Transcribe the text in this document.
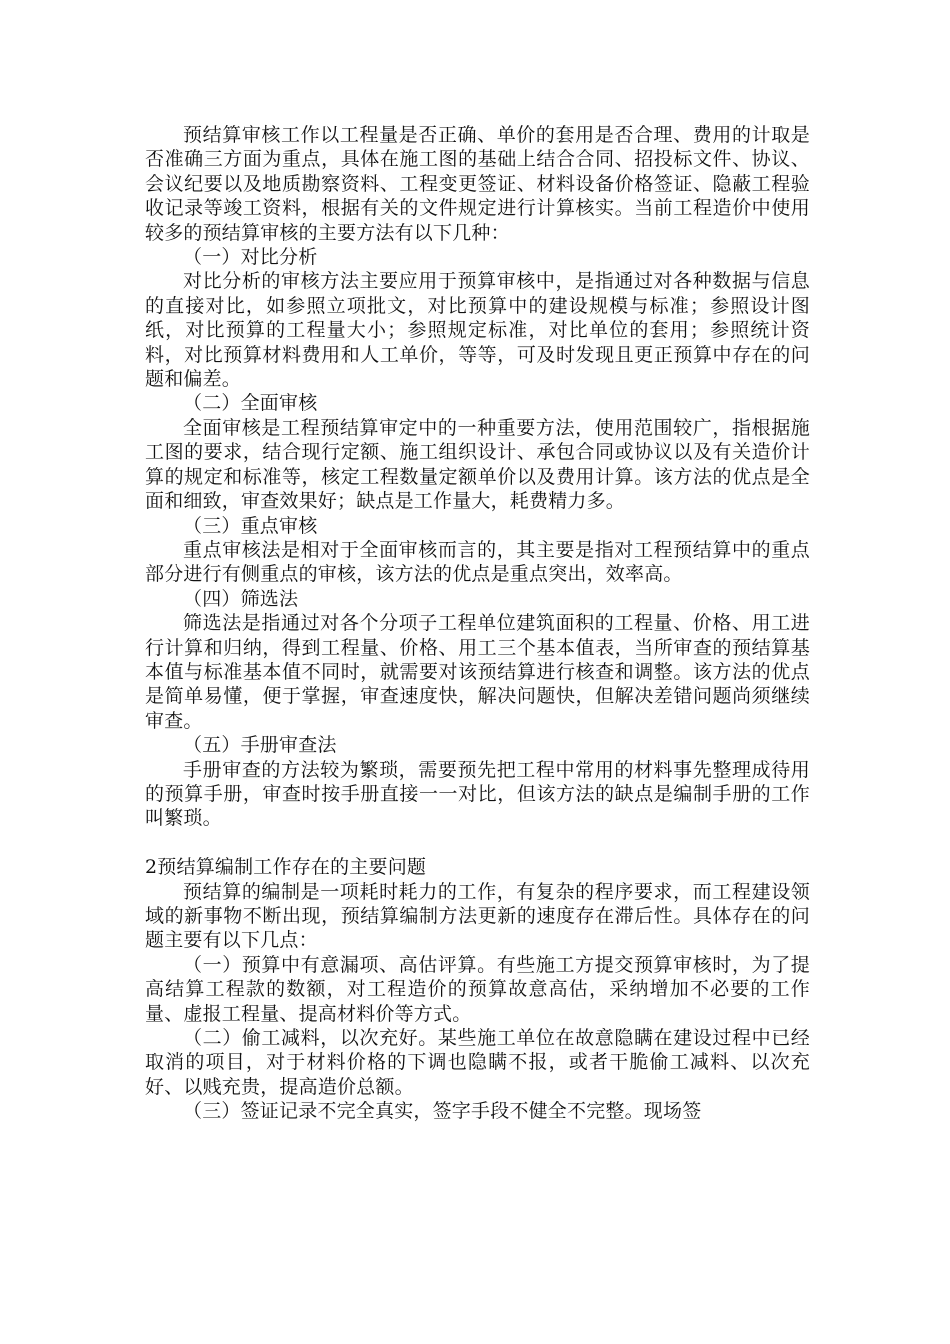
预结算审核工作以工程量是否正确、单价的套用是否合理、费用的计取是否准确三方面为重点，具体在施工图的基础上结合合同、招投标文件、协议、会议纪要以及地质勘察资料、工程变更签证、材料设备价格签证、隐蔽工程验收记录等竣工资料，根据有关的文件规定进行计算核实。当前工程造价中使用较多的预结算审核的主要方法有以下几种：

（一）对比分析

对比分析的审核方法主要应用于预算审核中，是指通过对各种数据与信息的直接对比，如参照立项批文，对比预算中的建设规模与标准；参照设计图纸，对比预算的工程量大小；参照规定标准，对比单位的套用；参照统计资料，对比预算材料费用和人工单价，等等，可及时发现且更正预算中存在的问题和偏差。

（二）全面审核

全面审核是工程预结算审定中的一种重要方法，使用范围较广，指根据施工图的要求，结合现行定额、施工组织设计、承包合同或协议以及有关造价计算的规定和标准等，核定工程数量定额单价以及费用计算。该方法的优点是全面和细致，审查效果好；缺点是工作量大，耗费精力多。

（三）重点审核

重点审核法是相对于全面审核而言的，其主要是指对工程预结算中的重点部分进行有侧重点的审核，该方法的优点是重点突出，效率高。

（四）筛选法

筛选法是指通过对各个分项子工程单位建筑面积的工程量、价格、用工进行计算和归纳，得到工程量、价格、用工三个基本值表，当所审查的预结算基本值与标准基本值不同时，就需要对该预结算进行核查和调整。该方法的优点是简单易懂，便于掌握，审查速度快，解决问题快，但解决差错问题尚须继续审查。

（五）手册审查法

手册审查的方法较为繁琐，需要预先把工程中常用的材料事先整理成待用的预算手册，审查时按手册直接一一对比，但该方法的缺点是编制手册的工作叫繁琐。

2预结算编制工作存在的主要问题

预结算的编制是一项耗时耗力的工作，有复杂的程序要求，而工程建设领域的新事物不断出现，预结算编制方法更新的速度存在滞后性。具体存在的问题主要有以下几点：

（一）预算中有意漏项、高估评算。有些施工方提交预算审核时，为了提高结算工程款的数额，对工程造价的预算故意高估，采纳增加不必要的工作量、虚报工程量、提高材料价等方式。

（二）偷工减料，以次充好。某些施工单位在故意隐瞒在建设过程中已经取消的项目，对于材料价格的下调也隐瞒不报，或者干脆偷工减料、以次充好、以贱充贵，提高造价总额。

（三）签证记录不完全真实，签字手段不健全不完整。现场签
